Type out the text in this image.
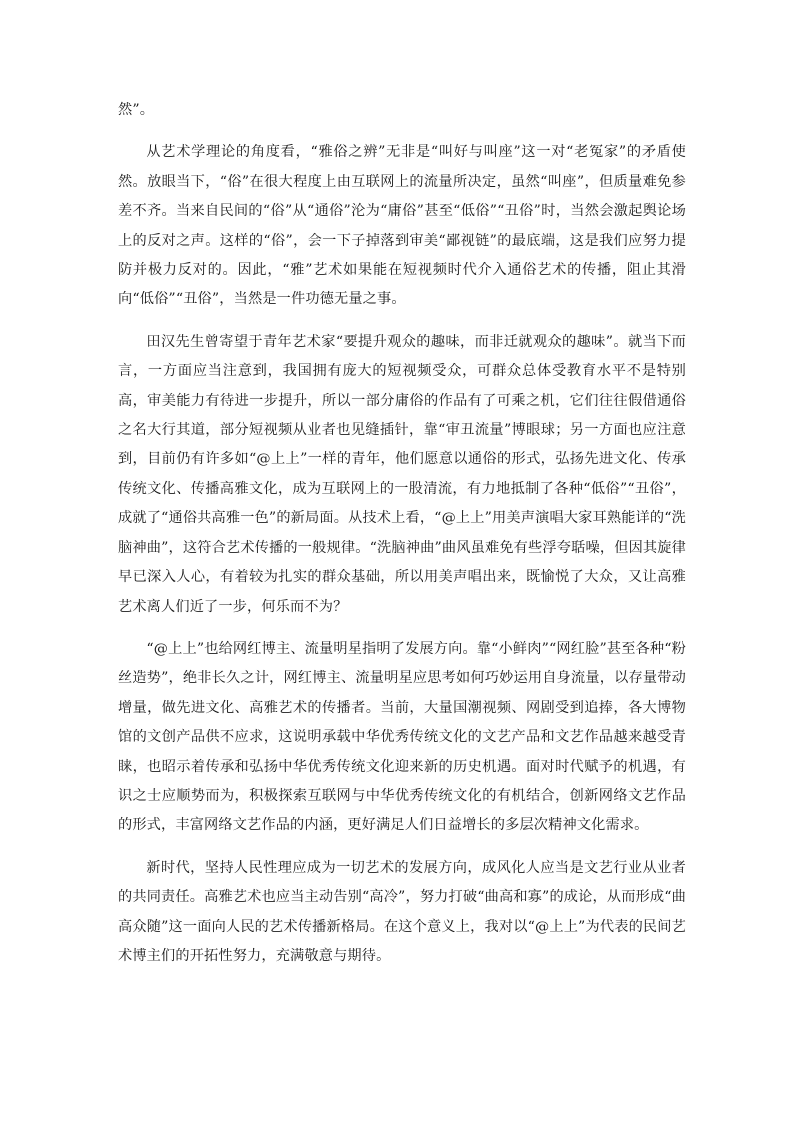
然”。

从艺术学理论的角度看，“雅俗之辨”无非是“叫好与叫座”这一对“老冤家”的矛盾使然。放眼当下，“俗”在很大程度上由互联网上的流量所决定，虽然“叫座”，但质量难免参差不齐。当来自民间的“俗”从“通俗”沦为“庸俗”甚至“低俗”“丑俗”时，当然会激起舆论场上的反对之声。这样的“俗”，会一下子掉落到审美“鄙视链”的最底端，这是我们应努力提防并极力反对的。因此，“雅”艺术如果能在短视频时代介入通俗艺术的传播，阻止其滑向“低俗”“丑俗”，当然是一件功德无量之事。

田汉先生曾寄望于青年艺术家“要提升观众的趣味，而非迁就观众的趣味”。就当下而言，一方面应当注意到，我国拥有庞大的短视频受众，可群众总体受教育水平不是特别高，审美能力有待进一步提升，所以一部分庸俗的作品有了可乘之机，它们往往假借通俗之名大行其道，部分短视频从业者也见缝插针，靠“审丑流量”博眼球；另一方面也应注意到，目前仍有许多如“@上上”一样的青年，他们愿意以通俗的形式，弘扬先进文化、传承传统文化、传播高雅文化，成为互联网上的一股清流，有力地抵制了各种“低俗”“丑俗”，成就了“通俗共高雅一色”的新局面。从技术上看，“@上上”用美声演唱大家耳熟能详的“洗脑神曲”，这符合艺术传播的一般规律。“洗脑神曲”曲风虽难免有些浮夸聒噪，但因其旋律早已深入人心，有着较为扎实的群众基础，所以用美声唱出来，既愉悦了大众，又让高雅艺术离人们近了一步，何乐而不为？

“@上上”也给网红博主、流量明星指明了发展方向。靠“小鲜肉”“网红脸”甚至各种“粉丝造势”，绝非长久之计，网红博主、流量明星应思考如何巧妙运用自身流量，以存量带动增量，做先进文化、高雅艺术的传播者。当前，大量国潮视频、网剧受到追捧，各大博物馆的文创产品供不应求，这说明承载中华优秀传统文化的文艺产品和文艺作品越来越受青睐，也昭示着传承和弘扬中华优秀传统文化迎来新的历史机遇。面对时代赋予的机遇，有识之士应顺势而为，积极探索互联网与中华优秀传统文化的有机结合，创新网络文艺作品的形式，丰富网络文艺作品的内涵，更好满足人们日益增长的多层次精神文化需求。

新时代，坚持人民性理应成为一切艺术的发展方向，成风化人应当是文艺行业从业者的共同责任。高雅艺术也应当主动告别“高冷”，努力打破“曲高和寡”的成论，从而形成“曲高众随”这一面向人民的艺术传播新格局。在这个意义上，我对以“@上上”为代表的民间艺术博主们的开拓性努力，充满敬意与期待。
